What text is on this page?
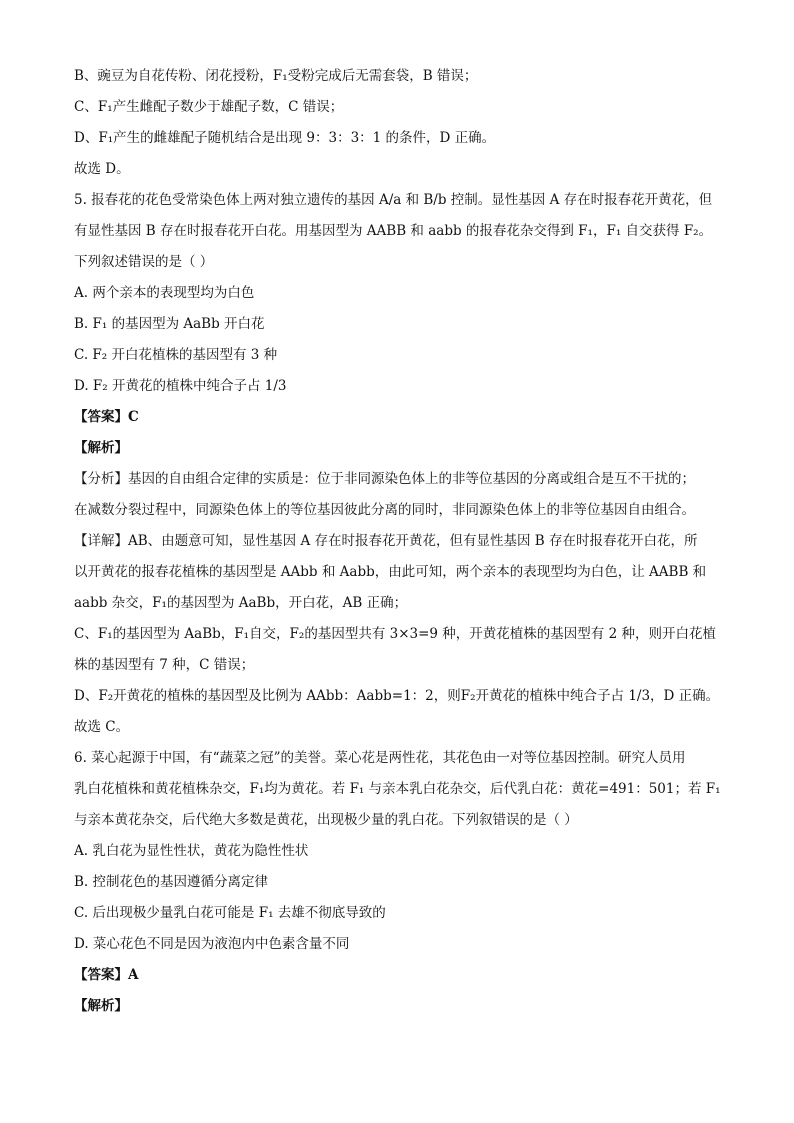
B、豌豆为自花传粉、闭花授粉，F₁受粉完成后无需套袋，B 错误；
C、F₁产生雌配子数少于雄配子数，C 错误；
D、F₁产生的雌雄配子随机结合是出现 9：3：3：1 的条件，D 正确。
故选 D。
5. 报春花的花色受常染色体上两对独立遗传的基因 A/a 和 B/b 控制。显性基因 A 存在时报春花开黄花，但
有显性基因 B 存在时报春花开白花。用基因型为 AABB 和 aabb 的报春花杂交得到 F₁，F₁ 自交获得 F₂。
下列叙述错误的是（ ）
A. 两个亲本的表现型均为白色
B. F₁ 的基因型为 AaBb 开白花
C. F₂ 开白花植株的基因型有 3 种
D. F₂ 开黄花的植株中纯合子占 1/3
【答案】C
【解析】
【分析】基因的自由组合定律的实质是：位于非同源染色体上的非等位基因的分离或组合是互不干扰的；
在减数分裂过程中，同源染色体上的等位基因彼此分离的同时，非同源染色体上的非等位基因自由组合。
【详解】AB、由题意可知，显性基因 A 存在时报春花开黄花，但有显性基因 B 存在时报春花开白花，所
以开黄花的报春花植株的基因型是 AAbb 和 Aabb，由此可知，两个亲本的表现型均为白色，让 AABB 和
aabb 杂交，F₁的基因型为 AaBb，开白花，AB 正确；
C、F₁的基因型为 AaBb，F₁自交，F₂的基因型共有 3×3=9 种，开黄花植株的基因型有 2 种，则开白花植
株的基因型有 7 种，C 错误；
D、F₂开黄花的植株的基因型及比例为 AAbb：Aabb=1：2，则F₂开黄花的植株中纯合子占 1/3，D 正确。
故选 C。
6. 菜心起源于中国，有“蔬菜之冠”的美誉。菜心花是两性花，其花色由一对等位基因控制。研究人员用
乳白花植株和黄花植株杂交，F₁均为黄花。若 F₁ 与亲本乳白花杂交，后代乳白花：黄花=491：501；若 F₁
与亲本黄花杂交，后代绝大多数是黄花，出现极少量的乳白花。下列叙错误的是（ ）
A. 乳白花为显性性状，黄花为隐性性状
B. 控制花色的基因遵循分离定律
C. 后出现极少量乳白花可能是 F₁ 去雄不彻底导致的
D. 菜心花色不同是因为液泡内中色素含量不同
【答案】A
【解析】
